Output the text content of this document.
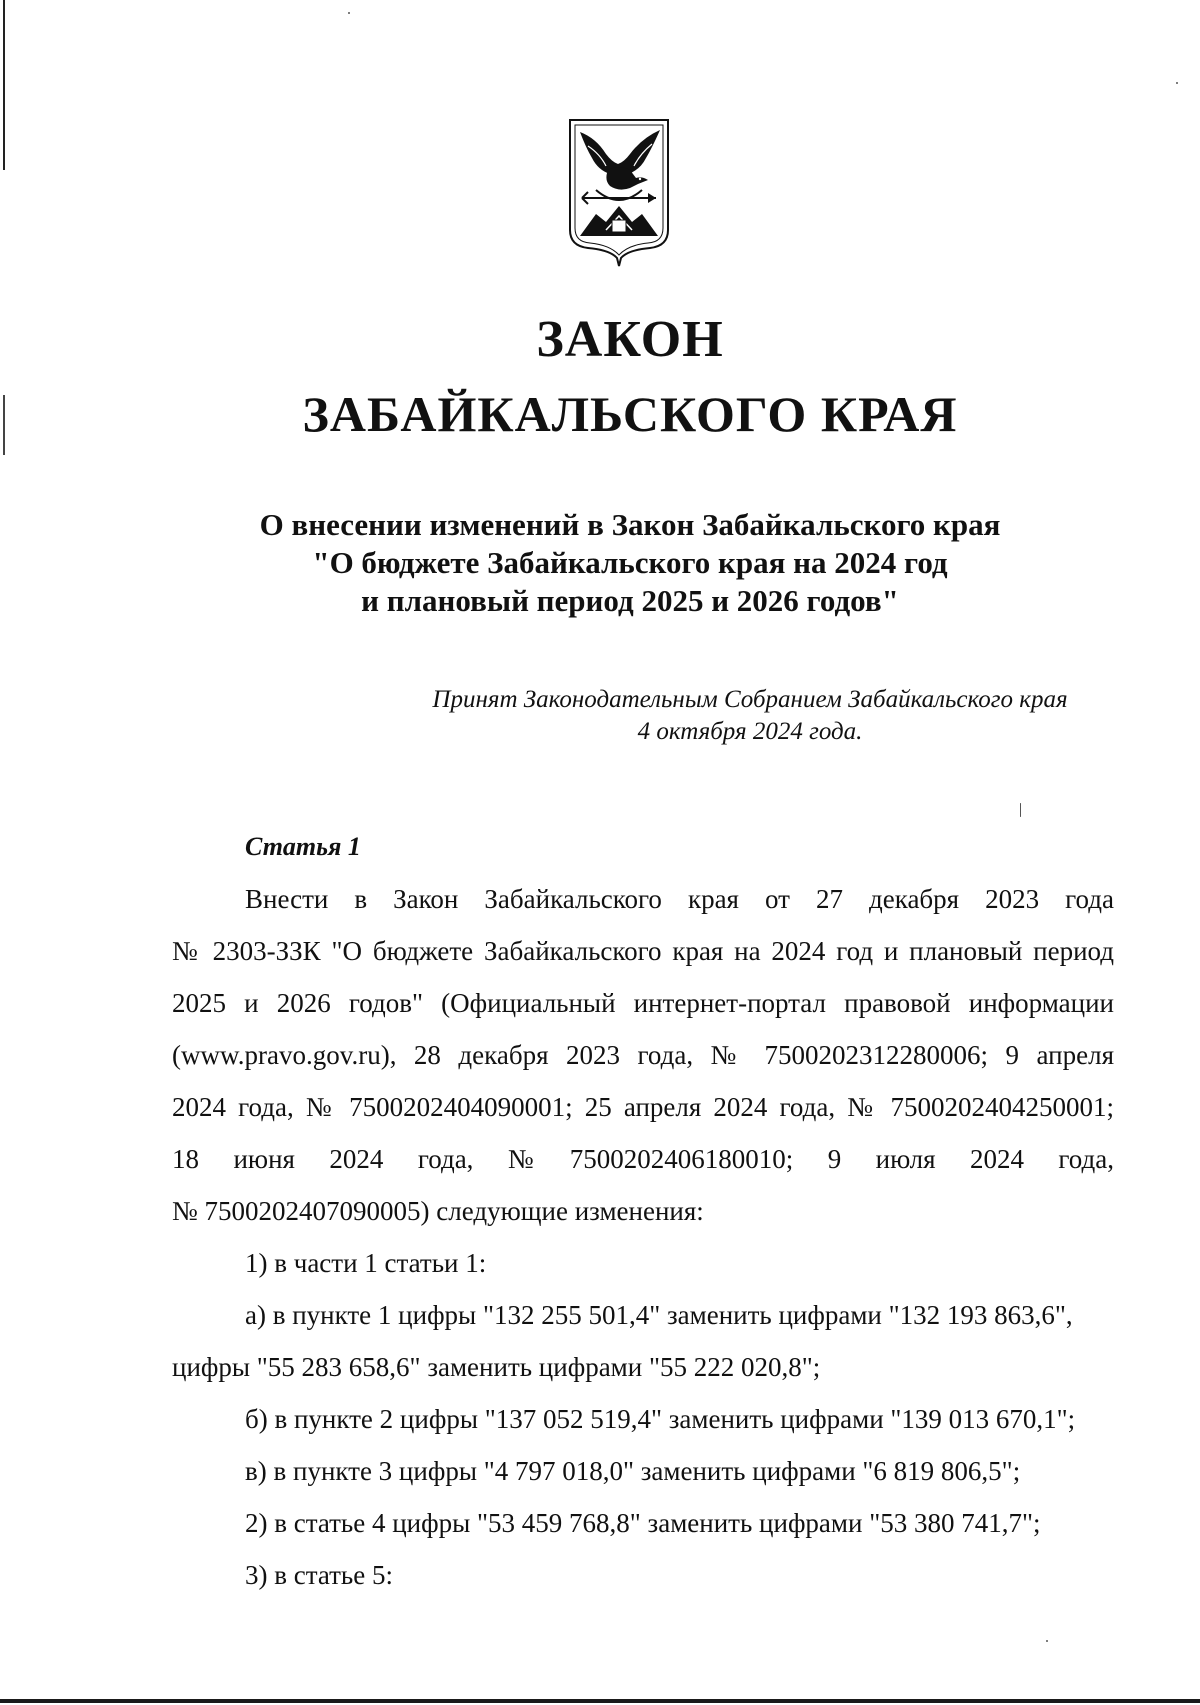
ЗАКОН
ЗАБАЙКАЛЬСКОГО КРАЯ
О внесении изменений в Закон Забайкальского края
"О бюджете Забайкальского края на 2024 год
и плановый период 2025 и 2026 годов"
Принят Законодательным Собранием Забайкальского края
4 октября 2024 года.
Статья 1
Внести в Закон Забайкальского края от 27 декабря 2023 года
№ 2303-ЗЗК "О бюджете Забайкальского края на 2024 год и плановый период
2025 и 2026 годов" (Официальный интернет-портал правовой информации
(www.pravo.gov.ru), 28 декабря 2023 года, № 7500202312280006; 9 апреля
2024 года, № 7500202404090001; 25 апреля 2024 года, № 7500202404250001;
18 июня 2024 года, № 7500202406180010; 9 июля 2024 года,
№ 7500202407090005) следующие изменения:
1) в части 1 статьи 1:
а) в пункте 1 цифры "132 255 501,4" заменить цифрами "132 193 863,6",
цифры "55 283 658,6" заменить цифрами "55 222 020,8";
б) в пункте 2 цифры "137 052 519,4" заменить цифрами "139 013 670,1";
в) в пункте 3 цифры "4 797 018,0" заменить цифрами "6 819 806,5";
2) в статье 4 цифры "53 459 768,8" заменить цифрами "53 380 741,7";
3) в статье 5:
